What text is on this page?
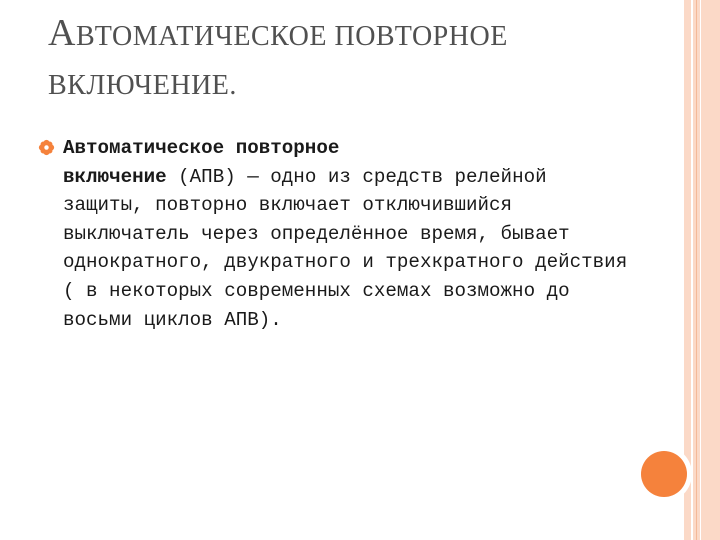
АВТОМАТИЧЕСКОЕ ПОВТОРНОЕ
ВКЛЮЧЕНИЕ.
Автоматическое повторное
включение (АПВ) — одно из средств релейной защиты, повторно включает отключившийся выключатель через определённое время, бывает однократного, двукратного и трехкратного действия ( в некоторых современных схемах возможно до восьми циклов АПВ).
